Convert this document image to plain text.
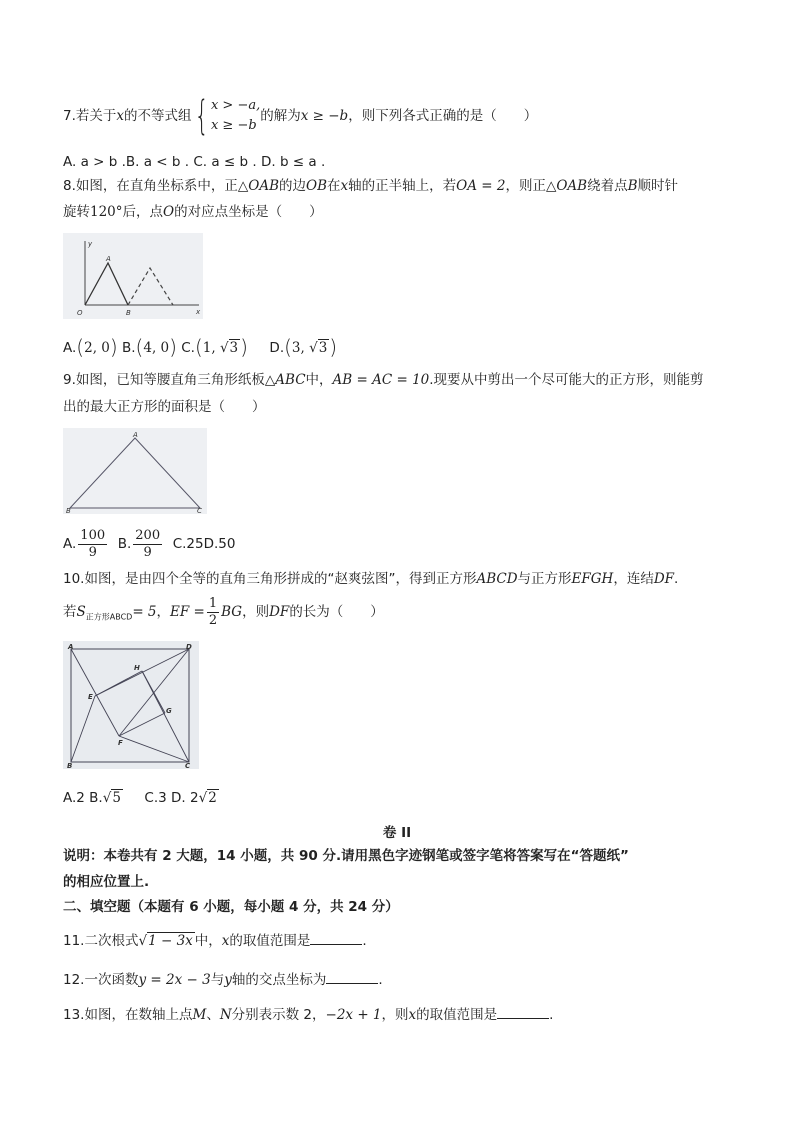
7.若关于x的不等式组{ x > −a,
x ≥ −b
的解为x ≥ −b，则下列各式正确的是（　　）
A. a > b .B. a < b . C. a ≤ b . D. b ≤ a .
8.如图，在直角坐标系中，正△OAB的边OB在x轴的正半轴上，若OA = 2，则正△OAB绕着点B顺时针
旋转120°后，点O的对应点坐标是（　　）
y
A
O	B	x
A.(2, 0) B.(4, 0) C.(1, √3 ) D.(3, √3 )
9.如图，已知等腰直角三角形纸板△ABC中，AB = AC = 10.现要从中剪出一个尽可能大的正方形，则能剪
出的最大正方形的面积是（　　）
A
B	C
A. $\frac{100}{9} B$. $\frac{200}{9} C.25D.50$
10.如图，是由四个全等的直角三角形拼成的“赵爽弦图”，得到正方形ABCD与正方形EFGH，连结DF.
若$S_{正方形ABCD}= 5$，EF = $\frac{1}{2}$ BG，则DF的长为（　　）
A
B	C
D
E
F
G
H
A.2 B.√5 C.3 D. 2√2
卷 II
说明：本卷共有 2 大题，14 小题，共 90 分.请用黑色字迹钢笔或签字笔将答案写在“答题纸”
的相应位置上.
二、填空题（本题有 6 小题，每小题 4 分，共 24 分）
11.二次根式√1 − 3x 中，x的取值范围是	.
12.一次函数y = 2x − 3与y轴的交点坐标为	.
13.如图，在数轴上点M、N分别表示数 2，−2x + 1，则x的取值范围是	.
